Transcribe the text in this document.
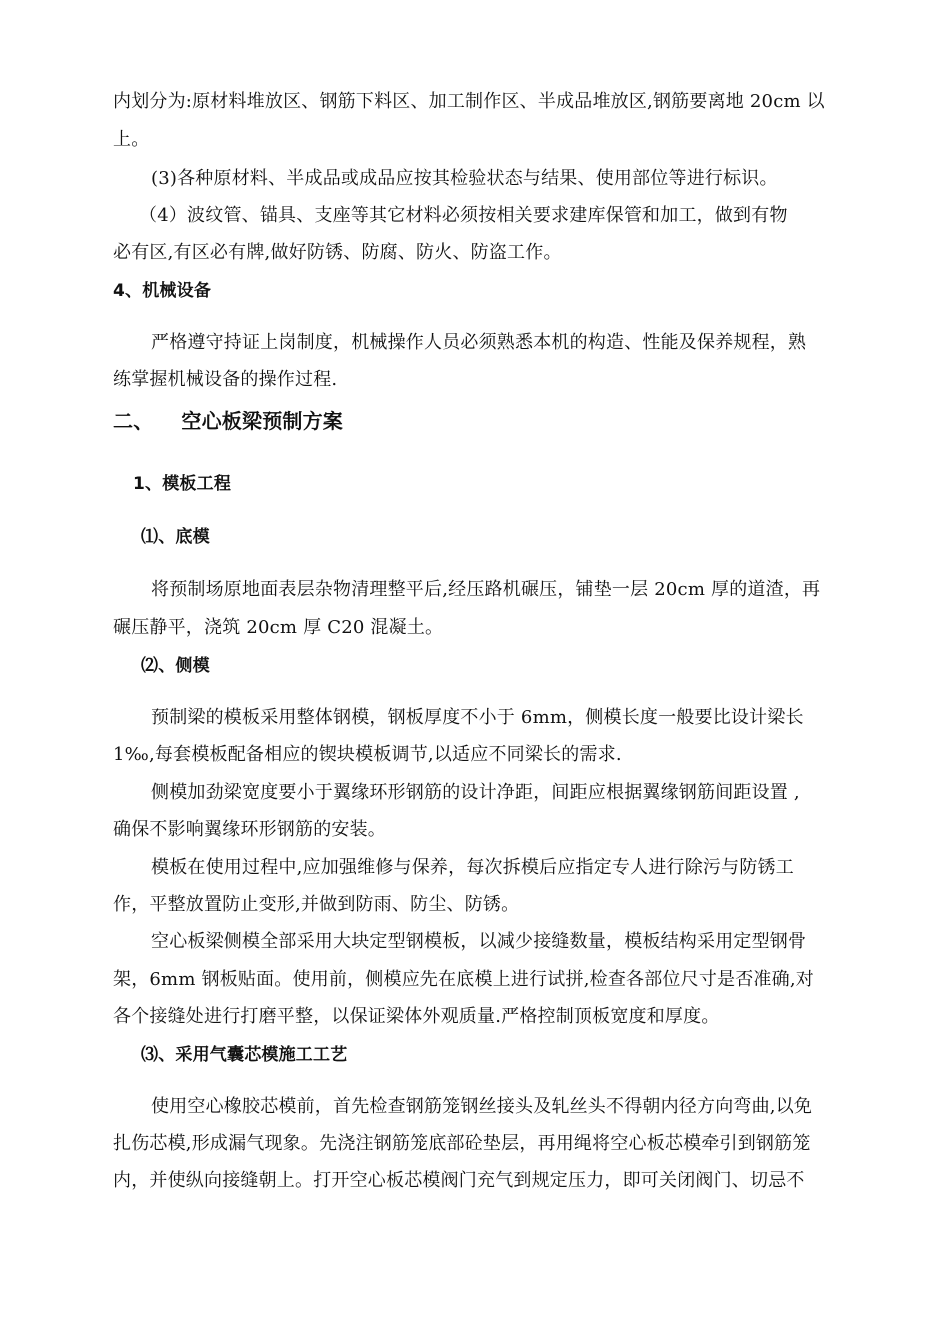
内划分为:原材料堆放区、钢筋下料区、加工制作区、半成品堆放区,钢筋要离地 20cm 以
上。
(3)各种原材料、半成品或成品应按其检验状态与结果、使用部位等进行标识。
（4）波纹管、锚具、支座等其它材料必须按相关要求建库保管和加工，做到有物
必有区,有区必有牌,做好防锈、防腐、防火、防盗工作。
4、机械设备
严格遵守持证上岗制度，机械操作人员必须熟悉本机的构造、性能及保养规程，熟
练掌握机械设备的操作过程.
二、 空心板梁预制方案
1、模板工程
⑴、底模
将预制场原地面表层杂物清理整平后,经压路机碾压，铺垫一层 20cm 厚的道渣，再
碾压静平，浇筑 20cm 厚 C20 混凝土。
⑵、侧模
预制梁的模板采用整体钢模，钢板厚度不小于 6mm，侧模长度一般要比设计梁长
1‰,每套模板配备相应的锲块模板调节,以适应不同梁长的需求.
侧模加劲梁宽度要小于翼缘环形钢筋的设计净距，间距应根据翼缘钢筋间距设置 ,
确保不影响翼缘环形钢筋的安装。
模板在使用过程中,应加强维修与保养，每次拆模后应指定专人进行除污与防锈工
作，平整放置防止变形,并做到防雨、防尘、防锈。
空心板梁侧模全部采用大块定型钢模板，以减少接缝数量，模板结构采用定型钢骨
架，6mm 钢板贴面。使用前，侧模应先在底模上进行试拼,检查各部位尺寸是否准确,对
各个接缝处进行打磨平整，以保证梁体外观质量.严格控制顶板宽度和厚度。
⑶、采用气囊芯模施工工艺
使用空心橡胶芯模前，首先检查钢筋笼钢丝接头及轧丝头不得朝内径方向弯曲,以免
扎伤芯模,形成漏气现象。先浇注钢筋笼底部砼垫层，再用绳将空心板芯模牵引到钢筋笼
内，并使纵向接缝朝上。打开空心板芯模阀门充气到规定压力，即可关闭阀门、切忌不
